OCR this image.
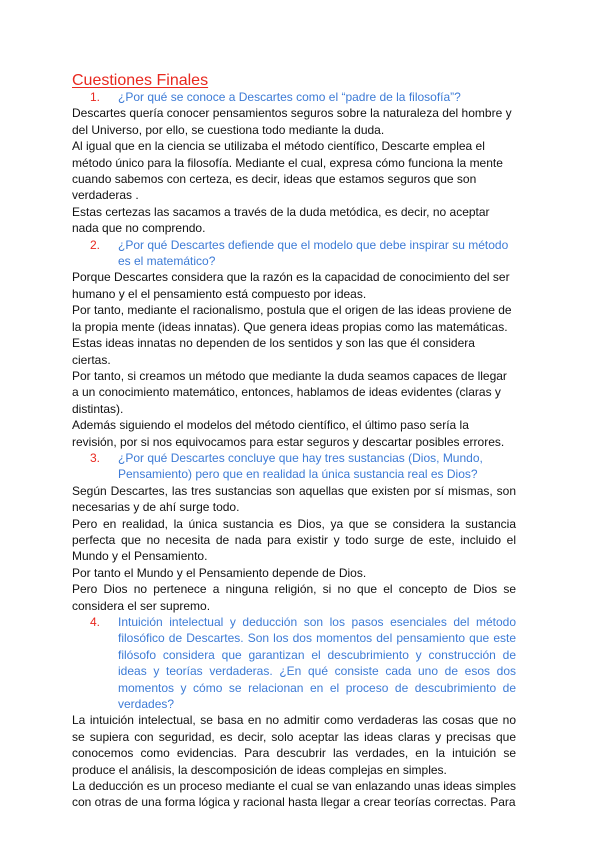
Cuestiones Finales
1. ¿Por qué se conoce a Descartes como el “padre de la filosofía”?

Descartes quería conocer pensamientos seguros sobre la naturaleza del hombre y del Universo, por ello, se cuestiona todo mediante la duda.

Al igual que en la ciencia se utilizaba el método científico, Descarte emplea el método único para la filosofía. Mediante el cual, expresa cómo funciona la mente cuando sabemos con certeza, es decir, ideas que estamos seguros que son verdaderas .

Estas certezas las sacamos a través de la duda metódica, es decir, no aceptar nada que no comprendo.

2. ¿Por qué Descartes defiende que el modelo que debe inspirar su método es el matemático?

Porque Descartes considera que la razón es la capacidad de conocimiento del ser humano y el el pensamiento está compuesto por ideas.

Por tanto, mediante el racionalismo, postula que el origen de las ideas proviene de la propia mente (ideas innatas). Que genera ideas propias como las matemáticas.

Estas ideas innatas no dependen de los sentidos y son las que él considera ciertas.

Por tanto, si creamos un método que mediante la duda seamos capaces de llegar a un conocimiento matemático, entonces, hablamos de ideas evidentes (claras y distintas).

Además siguiendo el modelos del método científico, el último paso sería la revisión, por si nos equivocamos para estar seguros y descartar posibles errores.

3. ¿Por qué Descartes concluye que hay tres sustancias (Dios, Mundo, Pensamiento) pero que en realidad la única sustancia real es Dios?

Según Descartes, las tres sustancias son aquellas que existen por sí mismas, son necesarias y de ahí surge todo.

Pero en realidad, la única sustancia es Dios, ya que se considera la sustancia perfecta que no necesita de nada para existir y todo surge de este, incluido el Mundo y el Pensamiento.

Por tanto el Mundo y el Pensamiento depende de Dios.

Pero Dios no pertenece a ninguna religión, si no que el concepto de Dios se considera el ser supremo.

4. Intuición intelectual y deducción son los pasos esenciales del método filosófico de Descartes. Son los dos momentos del pensamiento que este filósofo considera que garantizan el descubrimiento y construcción de ideas y teorías verdaderas. ¿En qué consiste cada uno de esos dos momentos y cómo se relacionan en el proceso de descubrimiento de verdades?

La intuición intelectual, se basa en no admitir como verdaderas las cosas que no se supiera con seguridad, es decir, solo aceptar las ideas claras y precisas que conocemos como evidencias. Para descubrir las verdades, en la intuición se produce el análisis, la descomposición de ideas complejas en simples.

La deducción es un proceso mediante el cual se van enlazando unas ideas simples con otras de una forma lógica y racional hasta llegar a crear teorías correctas. Para
